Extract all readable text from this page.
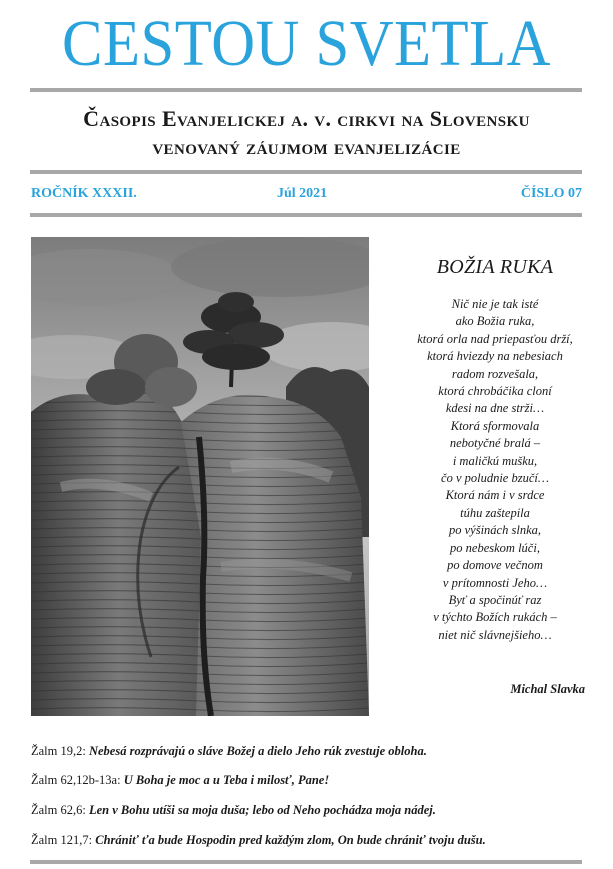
CESTOU SVETLA
Časopis Evanjelickej a. v. cirkvi na Slovensku
venovaný záujmom evanjelizácie
ROČNÍK XXXII.	Júl 2021	ČÍSLO 07
BOŽIA RUKA
Nič nie je tak isté
ako Božia ruka,
ktorá orla nad priepasťou drží,
ktorá hviezdy na nebesiach
radom rozvešala,
ktorá chrobáčika cloní
kdesi na dne strži…
Ktorá sformovala
nebotyčné bralá –
i maličkú mušku,
čo v poludnie bzučí…
Ktorá nám i v srdce
túhu zaštepila
po výšinách slnka,
po nebeskom lúči,
po domove večnom
v prítomnosti Jeho…
Byť a spočinúť raz
v týchto Božích rukách –
niet nič slávnejšieho…
Michal Slavka
Žalm 19,2: Nebesá rozprávajú o sláve Božej a dielo Jeho rúk zvestuje obloha.
Žalm 62,12b-13a: U Boha je moc a u Teba i milosť, Pane!
Žalm 62,6: Len v Bohu utíši sa moja duša; lebo od Neho pochádza moja nádej.
Žalm 121,7: Chrániť ťa bude Hospodin pred každým zlom, On bude chrániť tvoju dušu.
